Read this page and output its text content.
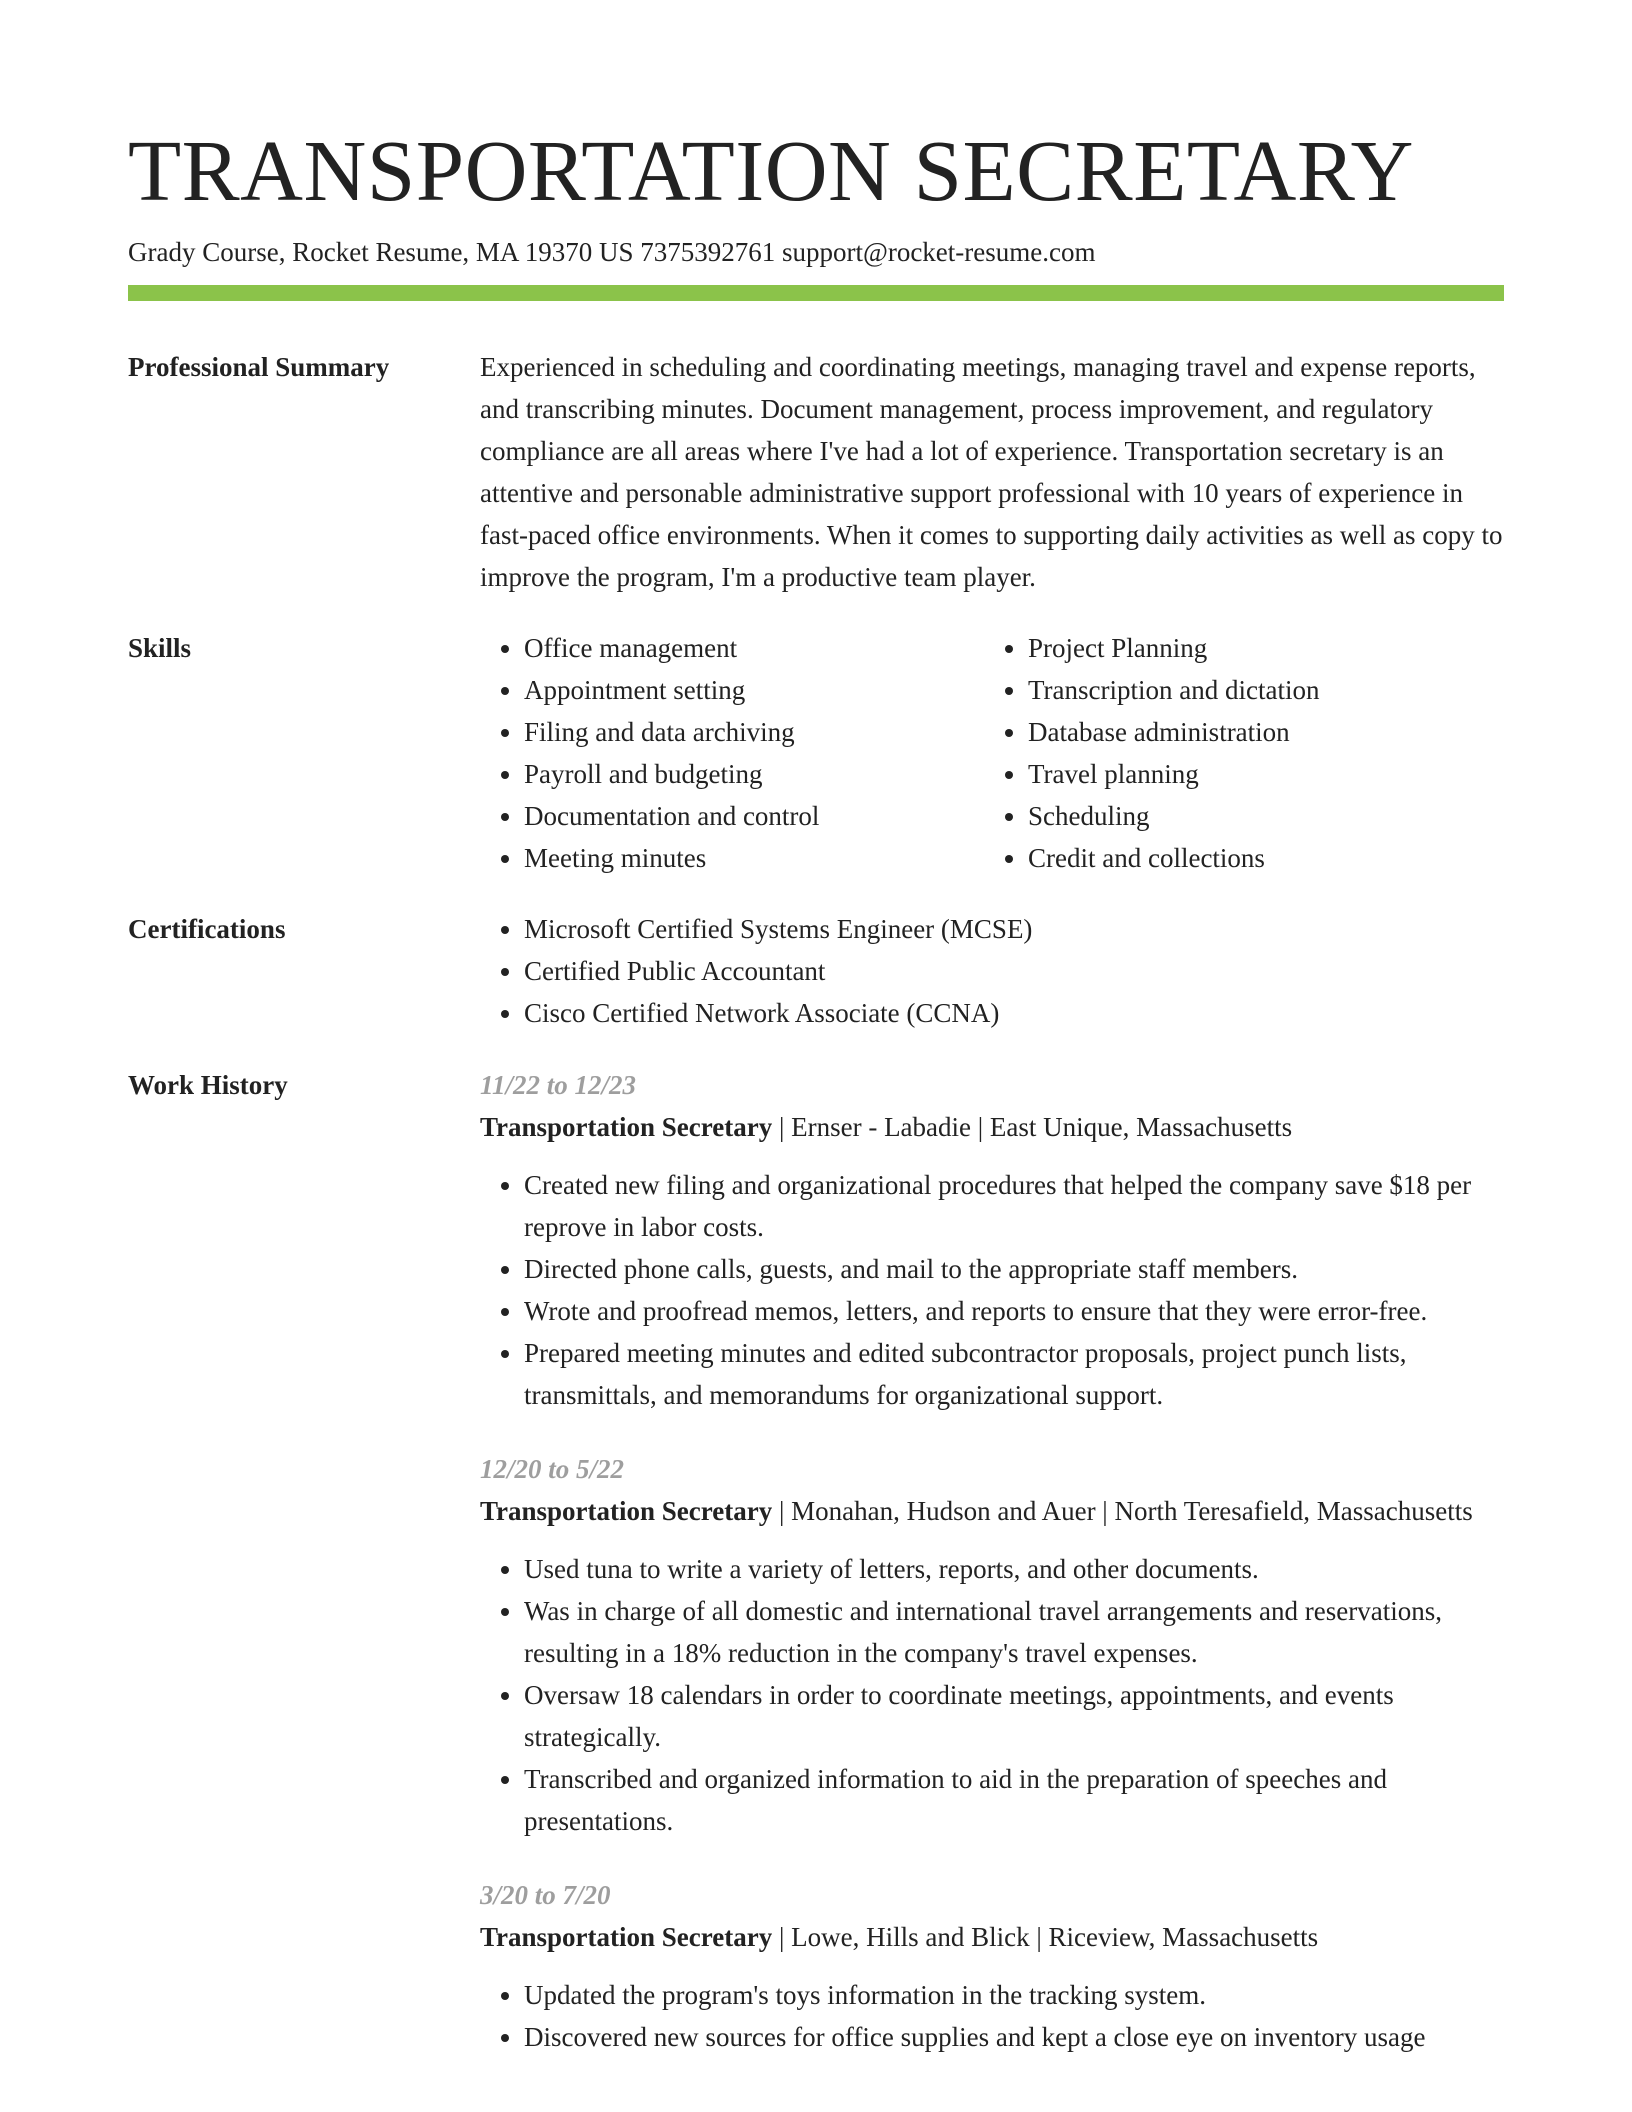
TRANSPORTATION SECRETARY
Grady Course, Rocket Resume, MA 19370 US 7375392761 support@rocket-resume.com
Professional Summary	Experienced in scheduling and coordinating meetings, managing travel and expense reports, and transcribing minutes. Document management, process improvement, and regulatory compliance are all areas where I've had a lot of experience. Transportation secretary is an attentive and personable administrative support professional with 10 years of experience in fast-paced office environments. When it comes to supporting daily activities as well as copy to improve the program, I'm a productive team player.

Skills	• Office management
• Appointment setting
• Filing and data archiving
• Payroll and budgeting
• Documentation and control
• Meeting minutes
• Project Planning
• Transcription and dictation
• Database administration
• Travel planning
• Scheduling
• Credit and collections
Certifications	• Microsoft Certified Systems Engineer (MCSE)
• Certified Public Accountant
• Cisco Certified Network Associate (CCNA)
Work History	11/22 to 12/23
Transportation Secretary | Ernser - Labadie | East Unique, Massachusetts
• Created new filing and organizational procedures that helped the company save $18 per reprove in labor costs.
• Directed phone calls, guests, and mail to the appropriate staff members.
• Wrote and proofread memos, letters, and reports to ensure that they were error-free.
• Prepared meeting minutes and edited subcontractor proposals, project punch lists, transmittals, and memorandums for organizational support.
12/20 to 5/22
Transportation Secretary | Monahan, Hudson and Auer | North Teresafield, Massachusetts
• Used tuna to write a variety of letters, reports, and other documents.
• Was in charge of all domestic and international travel arrangements and reservations, resulting in a 18% reduction in the company's travel expenses.
• Oversaw 18 calendars in order to coordinate meetings, appointments, and events strategically.
• Transcribed and organized information to aid in the preparation of speeches and presentations.
3/20 to 7/20
Transportation Secretary | Lowe, Hills and Blick | Riceview, Massachusetts
• Updated the program's toys information in the tracking system.
• Discovered new sources for office supplies and kept a close eye on inventory usage
